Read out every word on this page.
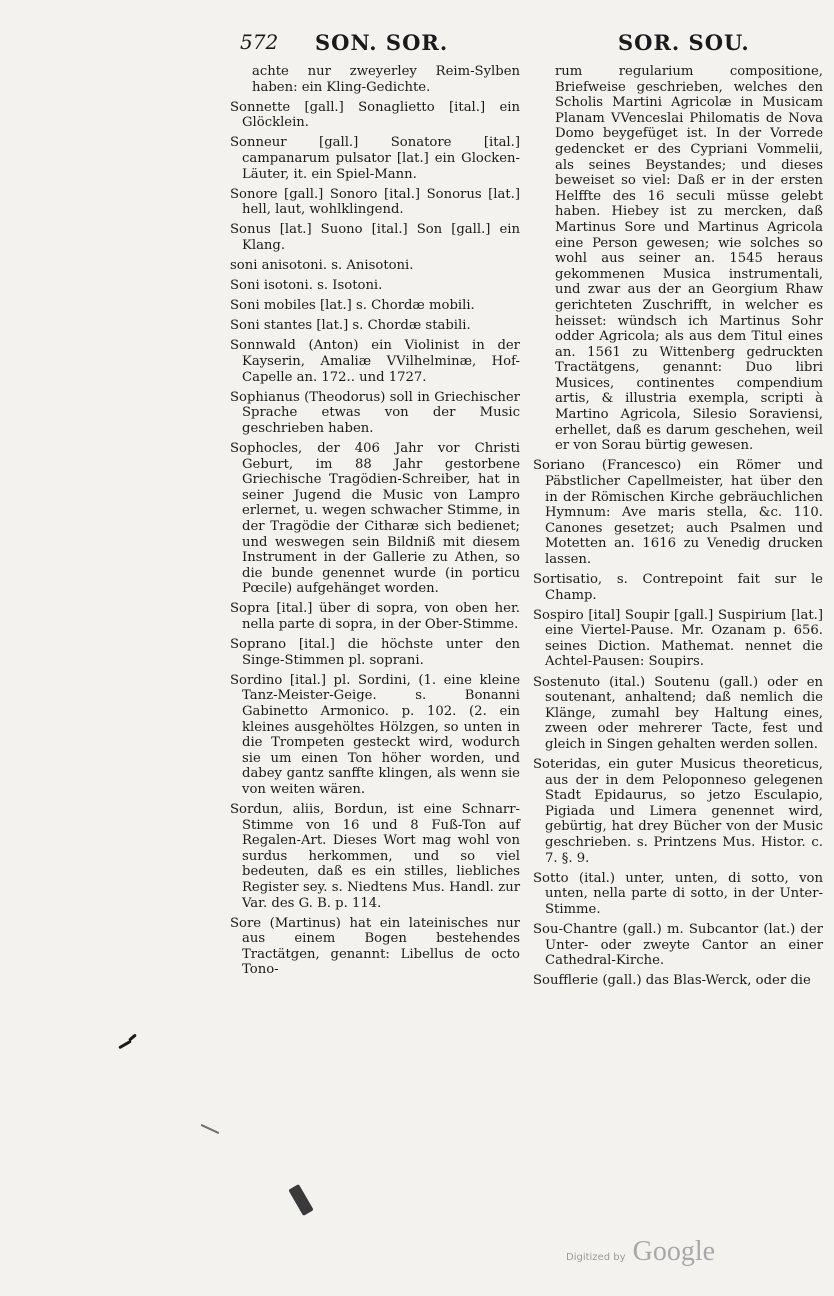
572 SON. SOR.	SOR. SOU.

achte nur zweyerley Reim-Sylben haben: ein Kling-Gedichte.

Sonnette [gall.] Sonaglietto [ital.] ein Glöcklein.

Sonneur [gall.] Sonatore [ital.] campanarum pulsator [lat.] ein Glocken-Läuter, it. ein Spiel-Mann.

Sonore [gall.] Sonoro [ital.] Sonorus [lat.] hell, laut, wohlklingend.

Sonus [lat.] Suono [ital.] Son [gall.] ein Klang.

soni anisotoni. s. Anisotoni.

Soni isotoni. s. Isotoni.

Soni mobiles [lat.] s. Chordæ mobili.

Soni stantes [lat.] s. Chordæ stabili.

Sonnwald (Anton) ein Violinist in der Kayserin, Amaliæ VVilhelminæ, Hof-Capelle an. 172.. und 1727.

Sophianus (Theodorus) soll in Griechischer Sprache etwas von der Music geschrieben haben.

Sophocles, der 406 Jahr vor Christi Geburt, im 88 Jahr gestorbene Griechische Tragödien-Schreiber, hat in seiner Jugend die Music von Lampro erlernet, u. wegen schwacher Stimme, in der Tragödie der Citharæ sich bedienet; und weswegen sein Bildniß mit diesem Instrument in der Gallerie zu Athen, so die bunde genennet wurde (in porticu Pœcile) aufgehänget worden.

Sopra [ital.] über di sopra, von oben her. nella parte di sopra, in der Ober-Stimme.

Soprano [ital.] die höchste unter den Singe-Stimmen pl. soprani.

Sordino [ital.] pl. Sordini, (1. eine kleine Tanz-Meister-Geige. s. Bonanni Gabinetto Armonico. p. 102. (2. ein kleines ausgehöltes Hölzgen, so unten in die Trompeten gesteckt wird, wodurch sie um einen Ton höher worden, und dabey gantz sanffte klingen, als wenn sie von weiten wären.

Sordun, aliis, Bordun, ist eine Schnarr-Stimme von 16 und 8 Fuß-Ton auf Regalen-Art. Dieses Wort mag wohl von surdus herkommen, und so viel bedeuten, daß es ein stilles, liebliches Register sey. s. Niedtens Mus. Handl. zur Var. des G. B. p. 114.

Sore (Martinus) hat ein lateinisches nur aus einem Bogen bestehendes Tractätgen, genannt: Libellus de octo Tono-

rum regularium compositione, Briefweise geschrieben, welches den Scholis Martini Agricolæ in Musicam Planam VVenceslai Philomatis de Nova Domo beygefüget ist. In der Vorrede gedencket er des Cypriani Vommelii, als seines Beystandes; und dieses beweiset so viel: Daß er in der ersten Helffte des 16 seculi müsse gelebt haben. Hiebey ist zu mercken, daß Martinus Sore und Martinus Agricola eine Person gewesen; wie solches so wohl aus seiner an. 1545 heraus gekommenen Musica instrumentali, und zwar aus der an Georgium Rhaw gerichteten Zuschrifft, in welcher es heisset: wündsch ich Martinus Sohr odder Agricola; als aus dem Titul eines an. 1561 zu Wittenberg gedruckten Tractätgens, genannt: Duo libri Musices, continentes compendium artis, & illustria exempla, scripti à Martino Agricola, Silesio Soraviensi, erhellet, daß es darum geschehen, weil er von Sorau bürtig gewesen.

Soriano (Francesco) ein Römer und Päbstlicher Capellmeister, hat über den in der Römischen Kirche gebräuchlichen Hymnum: Ave maris stella, &c. 110. Canones gesetzet; auch Psalmen und Motetten an. 1616 zu Venedig drucken lassen.

Sortisatio, s. Contrepoint fait sur le Champ.

Sospiro [ital] Soupir [gall.] Suspirium [lat.] eine Viertel-Pause. Mr. Ozanam p. 656. seines Diction. Mathemat. nennet die Achtel-Pausen: Soupirs.

Sostenuto (ital.) Soutenu (gall.) oder en soutenant, anhaltend; daß nemlich die Klänge, zumahl bey Haltung eines, zween oder mehrerer Tacte, fest und gleich in Singen gehalten werden sollen.

Soteridas, ein guter Musicus theoreticus, aus der in dem Peloponneso gelegenen Stadt Epidaurus, so jetzo Esculapio, Pigiada und Limera genennet wird, gebürtig, hat drey Bücher von der Music geschrieben. s. Printzens Mus. Histor. c. 7. §. 9.

Sotto (ital.) unter, unten, di sotto, von unten, nella parte di sotto, in der Unter-Stimme.

Sou-Chantre (gall.) m. Subcantor (lat.) der Unter- oder zweyte Cantor an einer Cathedral-Kirche.

Soufflerie (gall.) das Blas-Werck, oder die

Digitized by Google
